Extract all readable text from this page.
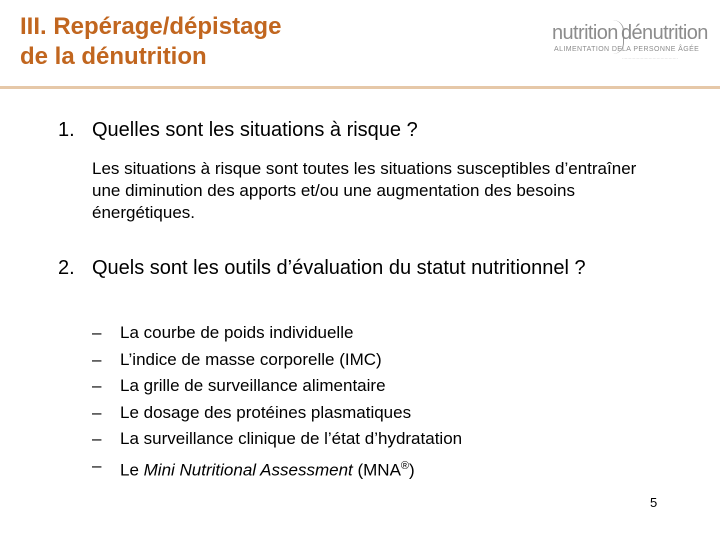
III. Repérage/dépistage
de la dénutrition
nutrition dénutrition
ALIMENTATION DE LA PERSONNE ÂGÉE
··········································
1. Quelles sont les situations à risque ?
Les situations à risque sont toutes les situations susceptibles d’entraîner une diminution des apports et/ou une augmentation des besoins énergétiques.
2. Quels sont les outils d’évaluation du statut nutritionnel ?
– La courbe de poids individuelle
– L’indice de masse corporelle (IMC)
– La grille de surveillance alimentaire
– Le dosage des protéines plasmatiques
– La surveillance clinique de l’état d’hydratation
– Le Mini Nutritional Assessment (MNA®)
5
